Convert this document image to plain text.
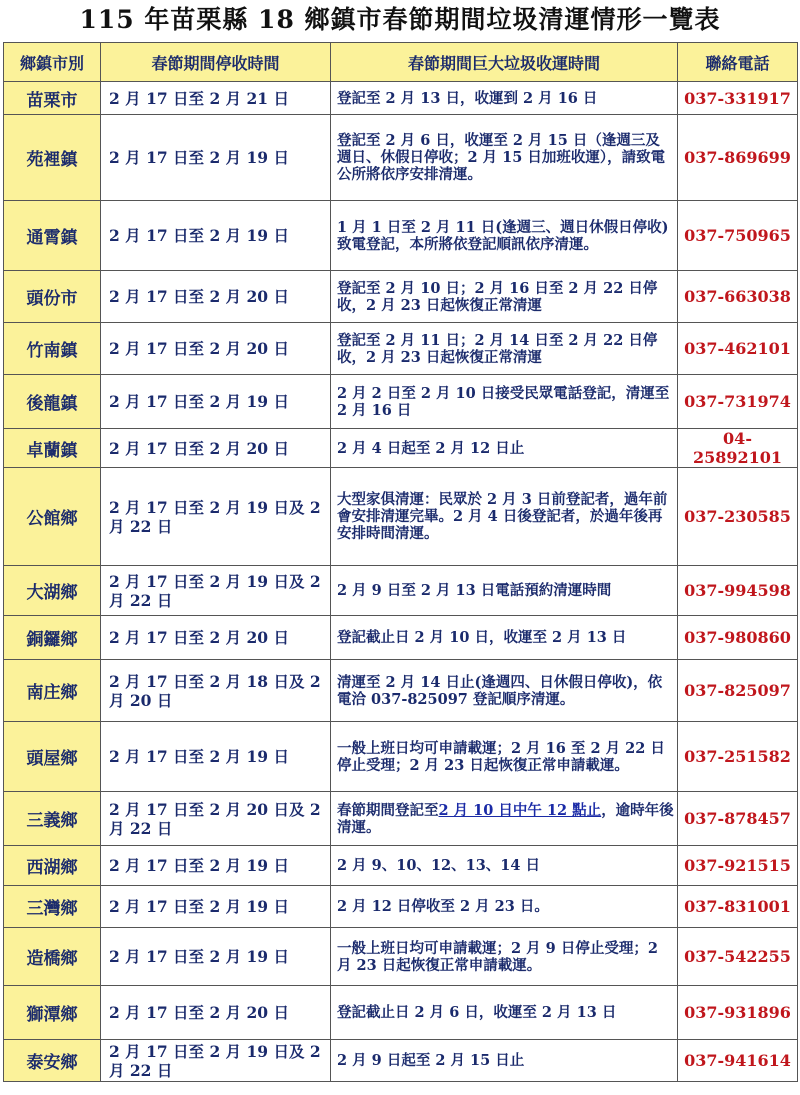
115 年苗栗縣 18 鄉鎮市春節期間垃圾清運情形一覽表
鄉鎮市別	春節期間停收時間	春節期間巨大垃圾收運時間	聯絡電話
苗栗市	2 月 17 日至 2 月 21 日	登記至 2 月 13 日，收運到 2 月 16 日	037-331917
苑裡鎮	2 月 17 日至 2 月 19 日	登記至 2 月 6 日，收運至 2 月 15 日（逢週三及週日、休假日停收；2 月 15 日加班收運），請致電公所將依序安排清運。	037-869699
通霄鎮	2 月 17 日至 2 月 19 日	1 月 1 日至 2 月 11 日(逢週三、週日休假日停收)致電登記，本所將依登記順訊依序清運。	037-750965
頭份市	2 月 17 日至 2 月 20 日	登記至 2 月 10 日；2 月 16 日至 2 月 22 日停收，2 月 23 日起恢復正常清運	037-663038
竹南鎮	2 月 17 日至 2 月 20 日	登記至 2 月 11 日；2 月 14 日至 2 月 22 日停收，2 月 23 日起恢復正常清運	037-462101
後龍鎮	2 月 17 日至 2 月 19 日	2 月 2 日至 2 月 10 日接受民眾電話登記，清運至 2 月 16 日	037-731974
卓蘭鎮	2 月 17 日至 2 月 20 日	2 月 4 日起至 2 月 12 日止	04-25892101
公館鄉	2 月 17 日至 2 月 19 日及 2 月 22 日	大型家俱清運：民眾於 2 月 3 日前登記者，過年前會安排清運完畢。2 月 4 日後登記者，於過年後再安排時間清運。	037-230585
大湖鄉	2 月 17 日至 2 月 19 日及 2 月 22 日	2 月 9 日至 2 月 13 日電話預約清運時間	037-994598
銅鑼鄉	2 月 17 日至 2 月 20 日	登記截止日 2 月 10 日，收運至 2 月 13 日	037-980860
南庄鄉	2 月 17 日至 2 月 18 日及 2 月 20 日	清運至 2 月 14 日止(逢週四、日休假日停收)，依電洽 037-825097 登記順序清運。	037-825097
頭屋鄉	2 月 17 日至 2 月 19 日	一般上班日均可申請載運；2 月 16 至 2 月 22 日停止受理；2 月 23 日起恢復正常申請載運。	037-251582
三義鄉	2 月 17 日至 2 月 20 日及 2 月 22 日	春節期間登記至2 月 10 日中午 12 點止，逾時年後清運。	037-878457
西湖鄉	2 月 17 日至 2 月 19 日	2 月 9、10、12、13、14 日	037-921515
三灣鄉	2 月 17 日至 2 月 19 日	2 月 12 日停收至 2 月 23 日。	037-831001
造橋鄉	2 月 17 日至 2 月 19 日	一般上班日均可申請載運；2 月 9 日停止受理；2 月 23 日起恢復正常申請載運。	037-542255
獅潭鄉	2 月 17 日至 2 月 20 日	登記截止日 2 月 6 日，收運至 2 月 13 日	037-931896
泰安鄉	2 月 17 日至 2 月 19 日及 2 月 22 日	2 月 9 日起至 2 月 15 日止	037-941614
